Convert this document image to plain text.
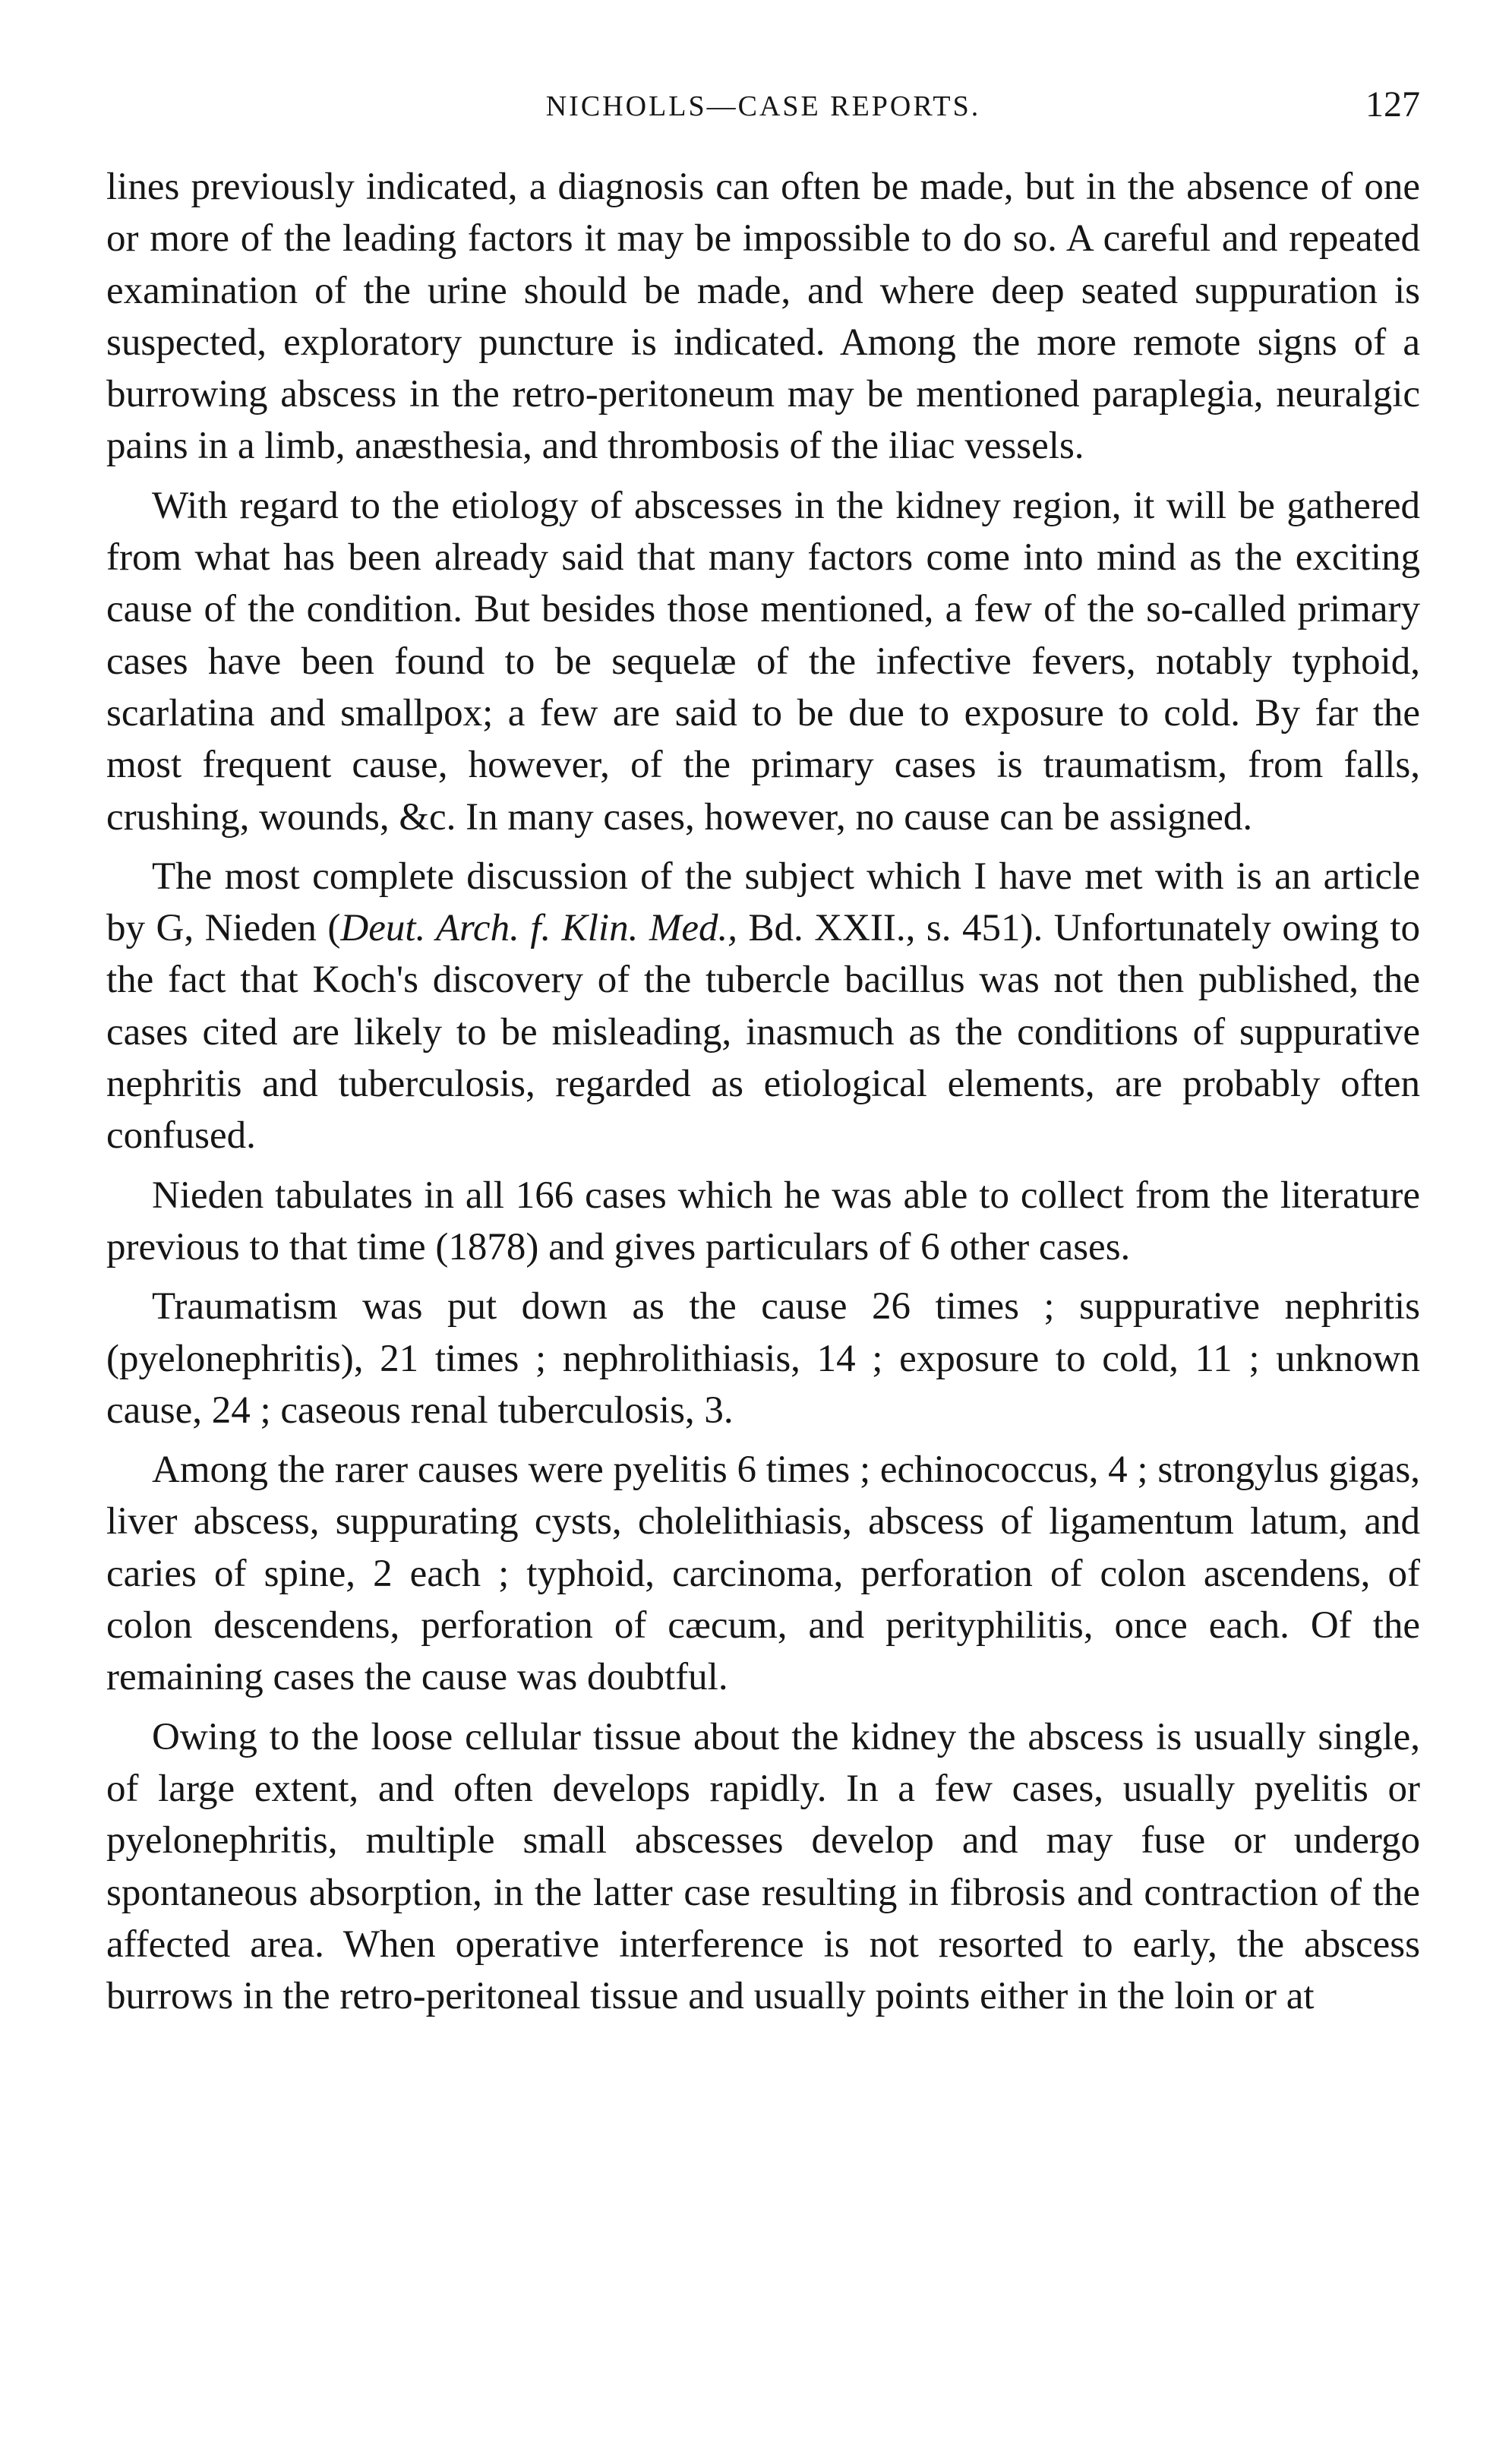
NICHOLLS—CASE REPORTS.	127

lines previously indicated, a diagnosis can often be made, but in the absence of one or more of the leading factors it may be impossible to do so. A careful and repeated examination of the urine should be made, and where deep seated suppuration is suspected, exploratory puncture is indicated. Among the more remote signs of a burrowing abscess in the retro-peritoneum may be mentioned paraplegia, neuralgic pains in a limb, anæsthesia, and thrombosis of the iliac vessels.

With regard to the etiology of abscesses in the kidney region, it will be gathered from what has been already said that many factors come into mind as the exciting cause of the condition. But besides those mentioned, a few of the so-called primary cases have been found to be sequelæ of the infective fevers, notably typhoid, scarlatina and smallpox; a few are said to be due to exposure to cold. By far the most frequent cause, however, of the primary cases is traumatism, from falls, crushing, wounds, &c. In many cases, however, no cause can be assigned.

The most complete discussion of the subject which I have met with is an article by G, Nieden (Deut. Arch. f. Klin. Med., Bd. XXII., s. 451). Unfortunately owing to the fact that Koch's discovery of the tubercle bacillus was not then published, the cases cited are likely to be misleading, inasmuch as the conditions of suppurative nephritis and tuberculosis, regarded as etiological elements, are probably often confused.

Nieden tabulates in all 166 cases which he was able to collect from the literature previous to that time (1878) and gives particulars of 6 other cases.

Traumatism was put down as the cause 26 times ; suppurative nephritis (pyelonephritis), 21 times ; nephrolithiasis, 14 ; exposure to cold, 11 ; unknown cause, 24 ; caseous renal tuberculosis, 3.

Among the rarer causes were pyelitis 6 times ; echinococcus, 4 ; strongylus gigas, liver abscess, suppurating cysts, cholelithiasis, abscess of ligamentum latum, and caries of spine, 2 each ; typhoid, carcinoma, perforation of colon ascendens, of colon descendens, perforation of cæcum, and perityphilitis, once each. Of the remaining cases the cause was doubtful.

Owing to the loose cellular tissue about the kidney the abscess is usually single, of large extent, and often develops rapidly. In a few cases, usually pyelitis or pyelonephritis, multiple small abscesses develop and may fuse or undergo spontaneous absorption, in the latter case resulting in fibrosis and contraction of the affected area. When operative interference is not resorted to early, the abscess burrows in the retro-peritoneal tissue and usually points either in the loin or at
